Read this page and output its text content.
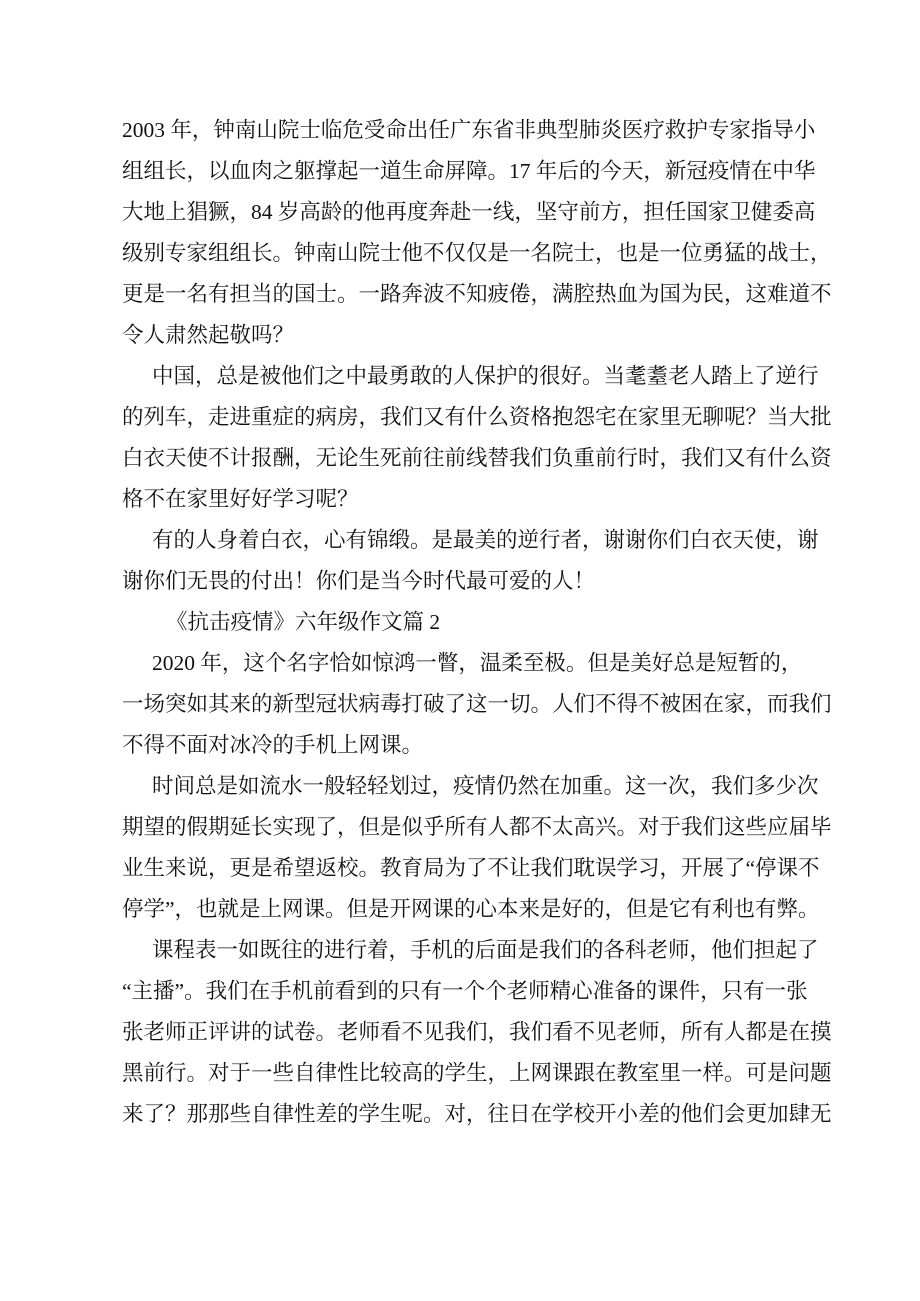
2003 年，钟南山院士临危受命出任广东省非典型肺炎医疗救护专家指导小
组组长，以血肉之躯撑起一道生命屏障。17 年后的今天，新冠疫情在中华
大地上猖獗，84 岁高龄的他再度奔赴一线，坚守前方，担任国家卫健委高
级别专家组组长。钟南山院士他不仅仅是一名院士，也是一位勇猛的战士，
更是一名有担当的国士。一路奔波不知疲倦，满腔热血为国为民，这难道不
令人肃然起敬吗？
中国，总是被他们之中最勇敢的人保护的很好。当耄耋老人踏上了逆行
的列车，走进重症的病房，我们又有什么资格抱怨宅在家里无聊呢？当大批
白衣天使不计报酬，无论生死前往前线替我们负重前行时，我们又有什么资
格不在家里好好学习呢？
有的人身着白衣，心有锦缎。是最美的逆行者，谢谢你们白衣天使，谢
谢你们无畏的付出！你们是当今时代最可爱的人！
《抗击疫情》六年级作文篇 2
2020 年，这个名字恰如惊鸿一瞥，温柔至极。但是美好总是短暂的，
一场突如其来的新型冠状病毒打破了这一切。人们不得不被困在家，而我们
不得不面对冰冷的手机上网课。
时间总是如流水一般轻轻划过，疫情仍然在加重。这一次，我们多少次
期望的假期延长实现了，但是似乎所有人都不太高兴。对于我们这些应届毕
业生来说，更是希望返校。教育局为了不让我们耽误学习，开展了“停课不
停学”，也就是上网课。但是开网课的心本来是好的，但是它有利也有弊。
课程表一如既往的进行着，手机的后面是我们的各科老师，他们担起了
“主播”。我们在手机前看到的只有一个个老师精心准备的课件，只有一张
张老师正评讲的试卷。老师看不见我们，我们看不见老师，所有人都是在摸
黑前行。对于一些自律性比较高的学生，上网课跟在教室里一样。可是问题
来了？那那些自律性差的学生呢。对，往日在学校开小差的他们会更加肆无
